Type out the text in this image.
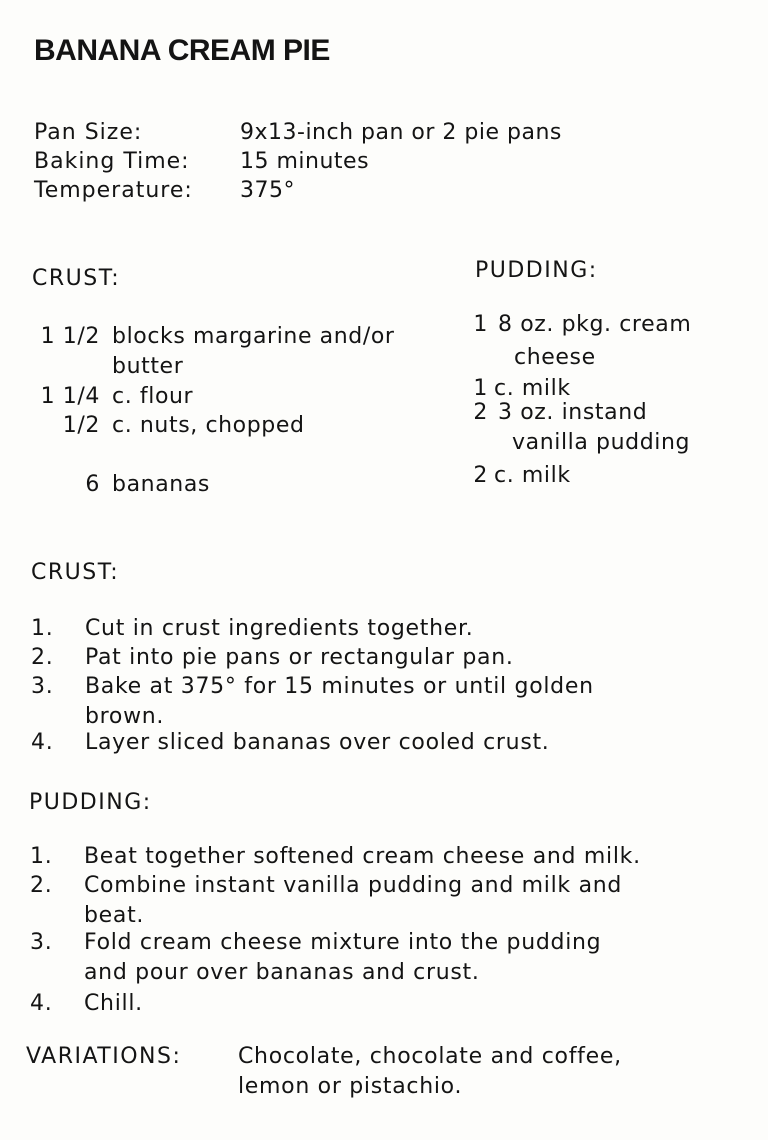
BANANA CREAM PIE
Pan Size:	9x13-inch pan or 2 pie pans
Baking Time: 15 minutes
Temperature: 375°
CRUST:	PUDDING:
1 1/2 blocks margarine and/or
butter
1 1/4 c. flour
1/2 c. nuts, chopped
6 bananas
1 8 oz. pkg. cream
cheese
1 c. milk
2 3 oz. instand
vanilla pudding
2 c. milk
CRUST:
1. Cut in crust ingredients together.
2. Pat into pie pans or rectangular pan.
3. Bake at 375° for 15 minutes or until golden
brown.
4. Layer sliced bananas over cooled crust.
PUDDING:
1. Beat together softened cream cheese and milk.
2. Combine instant vanilla pudding and milk and
beat.
3. Fold cream cheese mixture into the pudding
and pour over bananas and crust.
4. Chill.
VARIATIONS:	Chocolate, chocolate and coffee,
lemon or pistachio.
